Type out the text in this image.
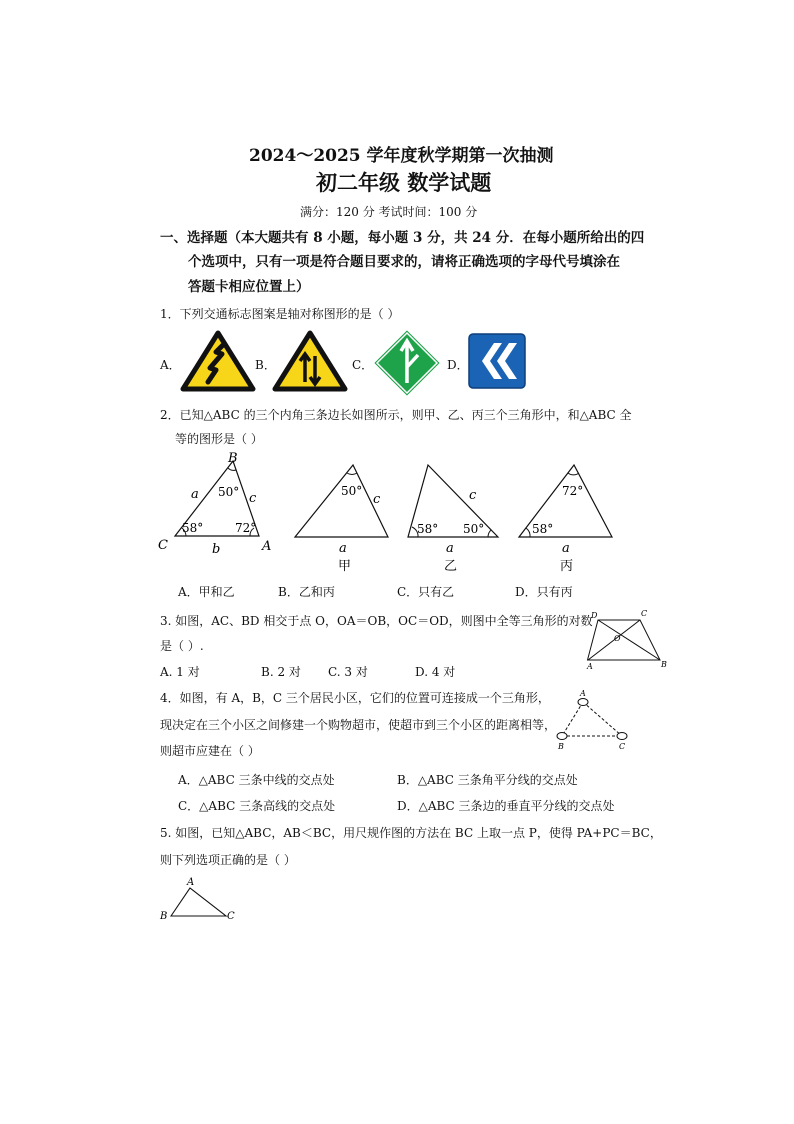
2024～2025 学年度秋学期第一次抽测
初二年级 数学试题
满分：120 分 考试时间：100 分
一、选择题（本大题共有 8 小题，每小题 3 分，共 24 分．在每小题所给出的四
个选项中，只有一项是符合题目要求的，请将正确选项的字母代号填涂在
答题卡相应位置上）
1．下列交通标志图案是轴对称图形的是（ ）
A．	B．	C．	D．
2．已知△ABC 的三个内角三条边长如图所示，则甲、乙、丙三个三角形中，和△ABC 全
等的图形是（ ）
B
C	A
a	c
b
50°
58°	72°
50°
c
a
甲
58° 50°
c
a
乙
72°
58°
a
丙
A．甲和乙	B．乙和丙	C．只有乙	D．只有丙
3. 如图，AC、BD 相交于点 O，OA＝OB，OC＝OD，则图中全等三角形的对数
是（ ）.
A. 1 对	B. 2 对 C. 3 对	D. 4 对
D	C
O
A	B
4．如图，有 A，B，C 三个居民小区，它们的位置可连接成一个三角形，
现决定在三个小区之间修建一个购物超市，使超市到三个小区的距离相等，
则超市应建在（ ）
A
B	C
A．△ABC 三条中线的交点处	B．△ABC 三条角平分线的交点处
C．△ABC 三条高线的交点处	D．△ABC 三条边的垂直平分线的交点处
5. 如图，已知△ABC，AB＜BC，用尺规作图的方法在 BC 上取一点 P，使得 PA+PC＝BC，
则下列选项正确的是（ ）
A
B	C
